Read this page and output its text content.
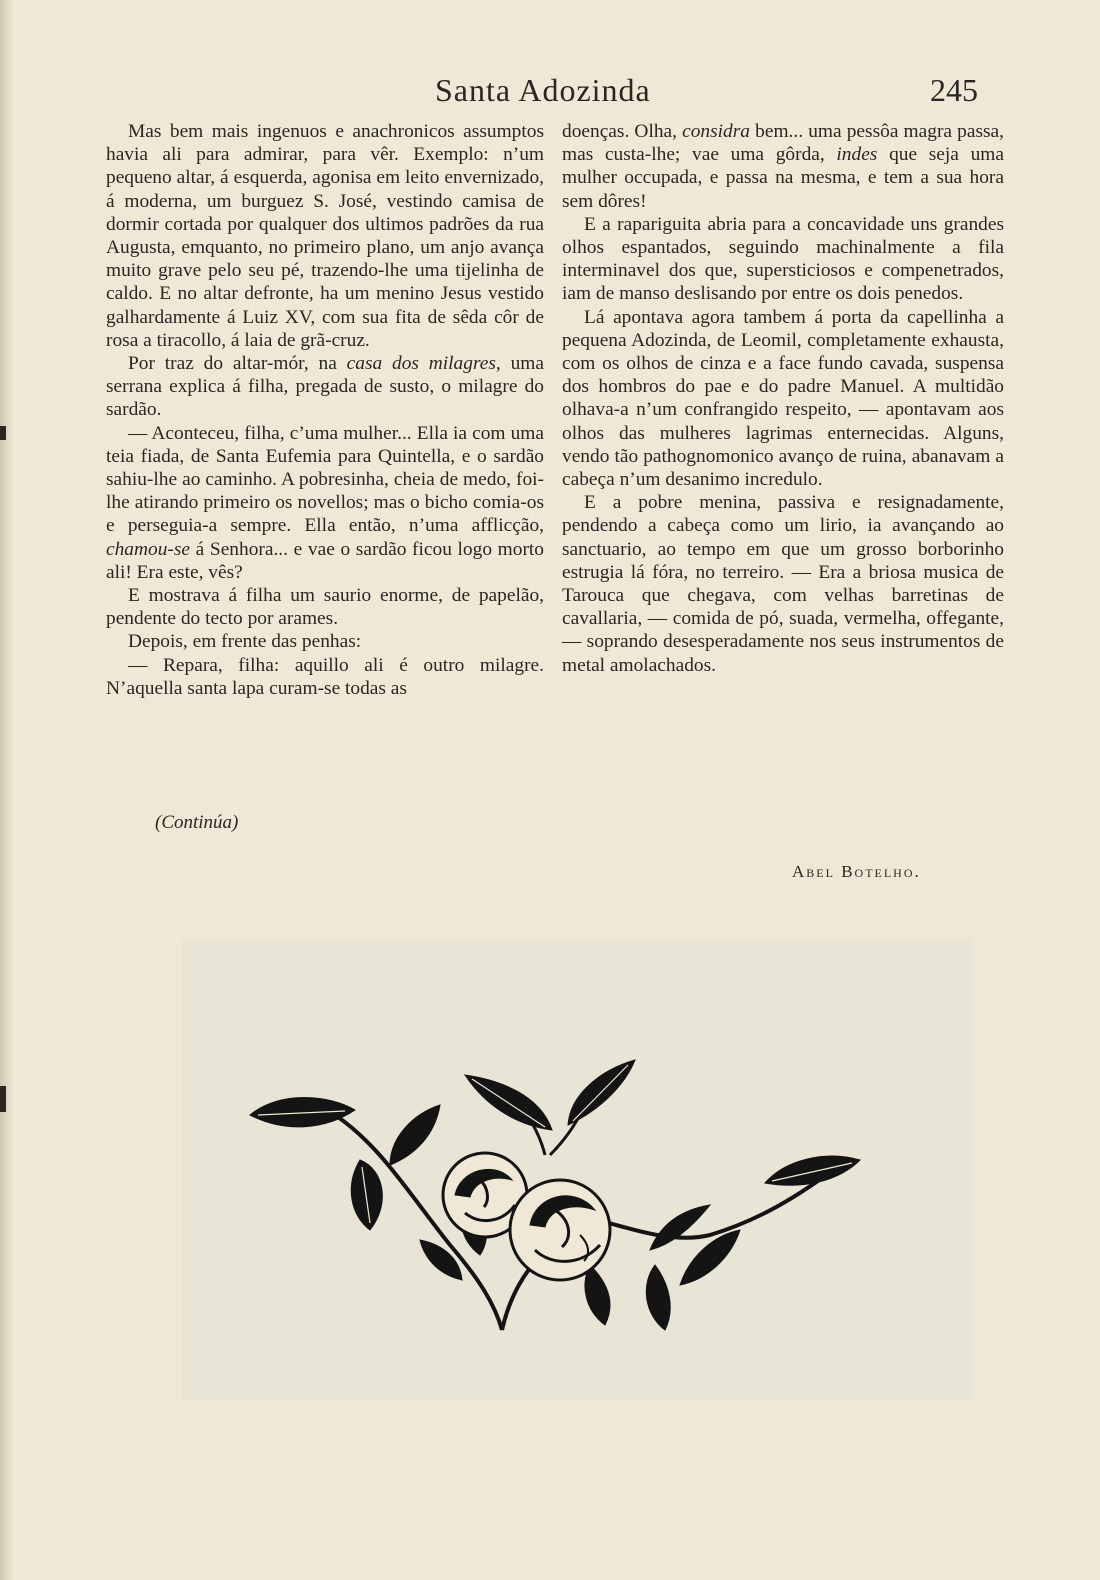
Santa Adozinda	245

Mas bem mais ingenuos e anachronicos assumptos havia ali para admirar, para vêr. Exemplo: n’um pequeno altar, á esquerda, agonisa em leito envernizado, á moderna, um burguez S. José, vestindo camisa de dormir cortada por qualquer dos ultimos padrões da rua Augusta, emquanto, no primeiro plano, um anjo avança muito grave pelo seu pé, trazendo-lhe uma tijelinha de caldo. E no altar defronte, ha um menino Jesus vestido galhardamente á Luiz XV, com sua fita de sêda côr de rosa a tiracollo, á laia de grã-cruz.

Por traz do altar-mór, na casa dos milagres, uma serrana explica á filha, pregada de susto, o milagre do sardão.

— Aconteceu, filha, c’uma mulher... Ella ia com uma teia fiada, de Santa Eufemia para Quintella, e o sardão sahiu-lhe ao caminho. A pobresinha, cheia de medo, foi-lhe atirando primeiro os novellos; mas o bicho comia-os e perseguia-a sempre. Ella então, n’uma afflicção, chamou-se á Senhora... e vae o sardão ficou logo morto ali! Era este, vês?

E mostrava á filha um saurio enorme, de papelão, pendente do tecto por arames.

Depois, em frente das penhas:

— Repara, filha: aquillo ali é outro milagre. N’aquella santa lapa curam-se todas as

doenças. Olha, considra bem... uma pessôa magra passa, mas custa-lhe; vae uma gôrda, indes que seja uma mulher occupada, e passa na mesma, e tem a sua hora sem dôres!

E a rapariguita abria para a concavidade uns grandes olhos espantados, seguindo machinalmente a fila interminavel dos que, supersticiosos e compenetrados, iam de manso deslisando por entre os dois penedos.

Lá apontava agora tambem á porta da capellinha a pequena Adozinda, de Leomil, completamente exhausta, com os olhos de cinza e a face fundo cavada, suspensa dos hombros do pae e do padre Manuel. A multidão olhava-a n’um confrangido respeito, — apontavam aos olhos das mulheres lagrimas enternecidas. Alguns, vendo tão pathognomonico avanço de ruina, abanavam a cabeça n’um desanimo incredulo.

E a pobre menina, passiva e resignadamente, pendendo a cabeça como um lirio, ia avançando ao sanctuario, ao tempo em que um grosso borborinho estrugia lá fóra, no terreiro. — Era a briosa musica de Tarouca que chegava, com velhas barretinas de cavallaria, — comida de pó, suada, vermelha, offegante, — soprando desesperadamente nos seus instrumentos de metal amolachados.

(Continúa)
Abel Botelho.
